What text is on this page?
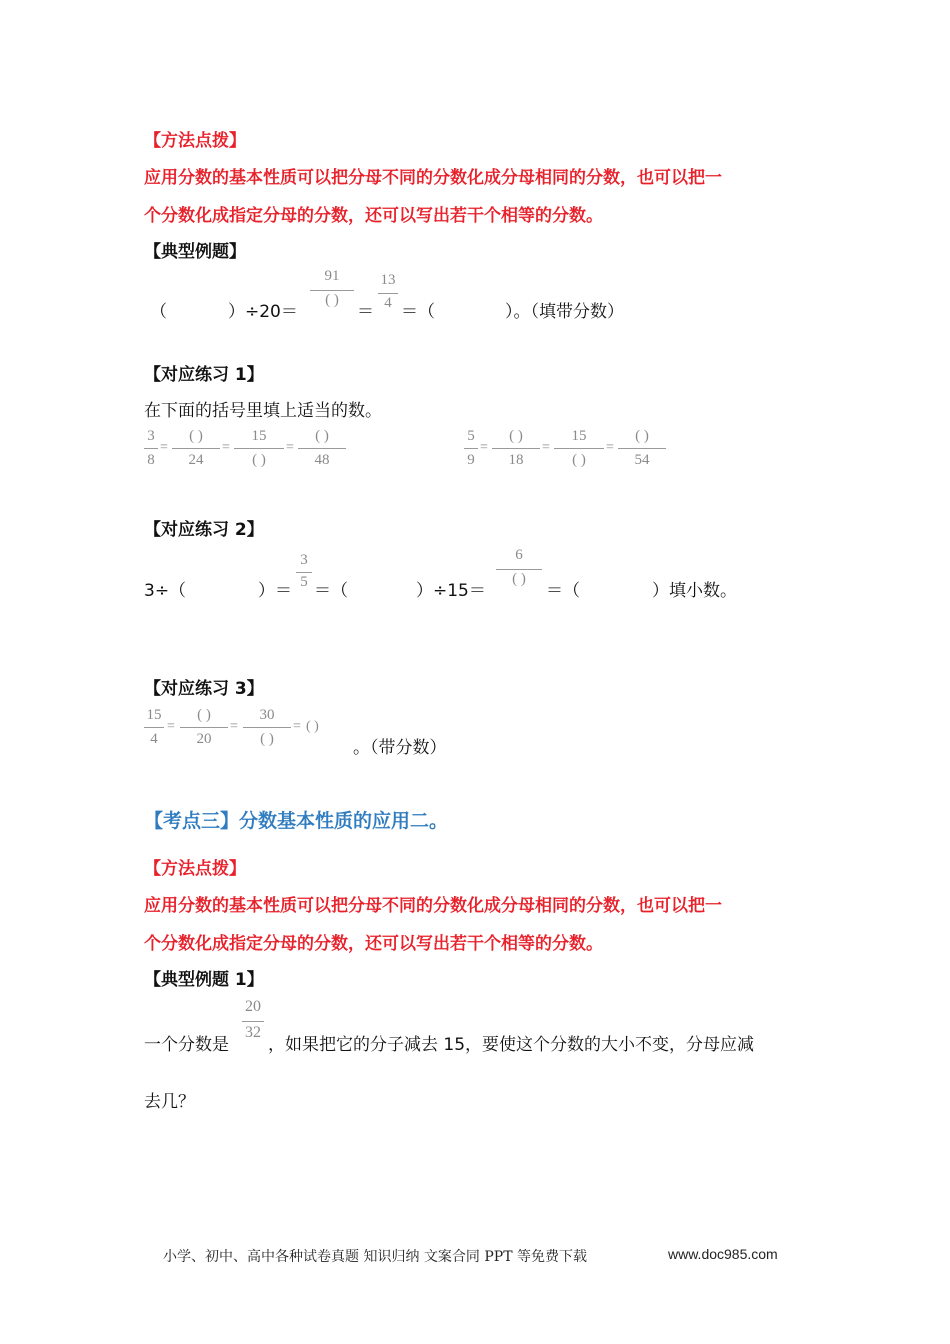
【方法点拨】
应用分数的基本性质可以把分母不同的分数化成分母相同的分数，也可以把一
个分数化成指定分母的分数，还可以写出若干个相等的分数。
【典型例题】
（	）÷20＝
91
( )
＝
13
4 ＝（	）。（填带分数）
【对应练习 1】
在下面的括号里填上适当的数。
3
8
=
( )
24
=
15
( )
=
( )
48
5
9
=
( )
18
=
15
( )
=
( )
54
【对应练习 2】
3÷（	）＝
3
5 ＝（	）÷15＝
6
( )
＝（	）填小数。
【对应练习 3】
15
4
=
( )
20
=
30
( )
= ( )
。（带分数）
【考点三】分数基本性质的应用二。
【方法点拨】
应用分数的基本性质可以把分母不同的分数化成分母相同的分数，也可以把一
个分数化成指定分母的分数，还可以写出若干个相等的分数。
【典型例题 1】
一个分数是
20
32
，如果把它的分子减去 15，要使这个分数的大小不变，分母应减
去几？
小学、初中、高中各种试卷真题 知识归纳 文案合同 PPT 等免费下载	www.doc985.com
